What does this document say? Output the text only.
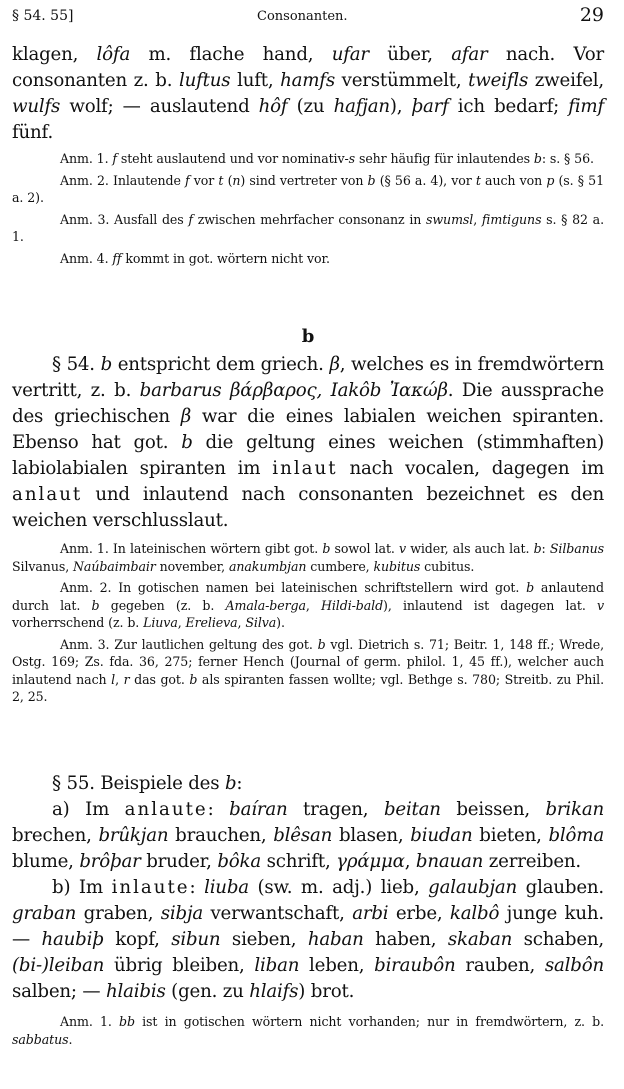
§ 54. 55]	Consonanten.	29

klagen, lôfa m. flache hand, ufar über, afar nach. Vor consonanten z. b. luftus luft, hamfs verstümmelt, tweifls zweifel, wulfs wolf; — auslautend hôf (zu hafjan), þarf ich bedarf; fimf fünf.

Anm. 1. f steht auslautend und vor nominativ-s sehr häufig für inlautendes b: s. § 56.

Anm. 2. Inlautende f vor t (n) sind vertreter von b (§ 56 a. 4), vor t auch von p (s. § 51 a. 2).

Anm. 3. Ausfall des f zwischen mehrfacher consonanz in swumsl, fimtiguns s. § 82 a. 1.

Anm. 4. ff kommt in got. wörtern nicht vor.

b

§ 54. b entspricht dem griech. β, welches es in fremdwörtern vertritt, z. b. barbarus βάρβαρος, Iakôb Ἰακώβ. Die aussprache des griechischen β war die eines labialen weichen spiranten. Ebenso hat got. b die geltung eines weichen (stimmhaften) labiolabialen spiranten im inlaut nach vocalen, dagegen im anlaut und inlautend nach consonanten bezeichnet es den weichen verschlusslaut.

Anm. 1. In lateinischen wörtern gibt got. b sowol lat. v wider, als auch lat. b: Silbanus Silvanus, Naúbaimbair november, anakumbjan cumbere, kubitus cubitus.

Anm. 2. In gotischen namen bei lateinischen schriftstellern wird got. b anlautend durch lat. b gegeben (z. b. Amala-berga, Hildi-bald), inlautend ist dagegen lat. v vorherrschend (z. b. Liuva, Erelieva, Silva).

Anm. 3. Zur lautlichen geltung des got. b vgl. Dietrich s. 71; Beitr. 1, 148 ff.; Wrede, Ostg. 169; Zs. fda. 36, 275; ferner Hench (Journal of germ. philol. 1, 45 ff.), welcher auch inlautend nach l, r das got. b als spiranten fassen wollte; vgl. Bethge s. 780; Streitb. zu Phil. 2, 25.

§ 55. Beispiele des b:

a) Im anlaute: baíran tragen, beitan beissen, brikan brechen, brûkjan brauchen, blêsan blasen, biudan bieten, blôma blume, brôþar bruder, bôka schrift, γράμμα, bnauan zerreiben.

b) Im inlaute: liuba (sw. m. adj.) lieb, galaubjan glauben. graban graben, sibja verwantschaft, arbi erbe, kalbô junge kuh. — haubiþ kopf, sibun sieben, haban haben, skaban schaben, (bi-)leiban übrig bleiben, liban leben, biraubôn rauben, salbôn salben; — hlaibis (gen. zu hlaifs) brot.

Anm. 1. bb ist in gotischen wörtern nicht vorhanden; nur in fremdwörtern, z. b. sabbatus.
